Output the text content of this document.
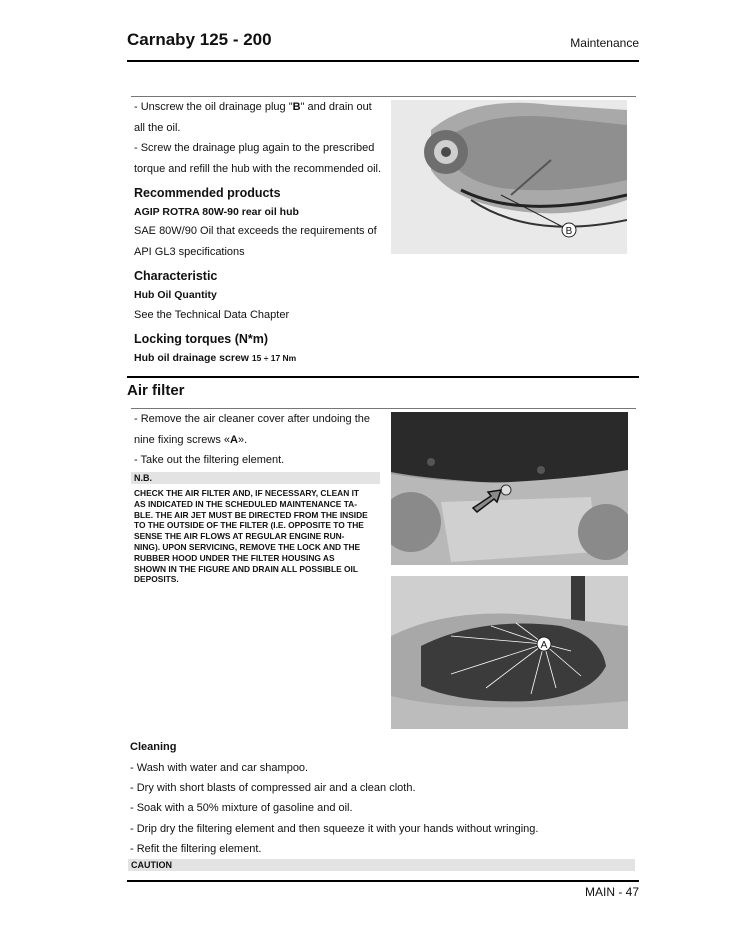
Carnaby 125 - 200	Maintenance
- Unscrew the oil drainage plug "B" and drain out
all the oil.
- Screw the drainage plug again to the prescribed
torque and refill the hub with the recommended oil.
Recommended products
AGIP ROTRA 80W-90 rear oil hub
SAE 80W/90 Oil that exceeds the requirements of
API GL3 specifications
Characteristic
Hub Oil Quantity
See the Technical Data Chapter
Locking torques (N*m)
Hub oil drainage screw 15 ÷ 17 Nm
B
Air filter
- Remove the air cleaner cover after undoing the
nine fixing screws «A».
- Take out the filtering element.
N.B.
CHECK THE AIR FILTER AND, IF NECESSARY, CLEAN IT
AS INDICATED IN THE SCHEDULED MAINTENANCE TA-
BLE. THE AIR JET MUST BE DIRECTED FROM THE INSIDE
TO THE OUTSIDE OF THE FILTER (I.E. OPPOSITE TO THE
SENSE THE AIR FLOWS AT REGULAR ENGINE RUN-
NING). UPON SERVICING, REMOVE THE LOCK AND THE
RUBBER HOOD UNDER THE FILTER HOUSING AS
SHOWN IN THE FIGURE AND DRAIN ALL POSSIBLE OIL
DEPOSITS.
A
Cleaning
- Wash with water and car shampoo.
- Dry with short blasts of compressed air and a clean cloth.
- Soak with a 50% mixture of gasoline and oil.
- Drip dry the filtering element and then squeeze it with your hands without wringing.
- Refit the filtering element.
CAUTION
MAIN - 47
